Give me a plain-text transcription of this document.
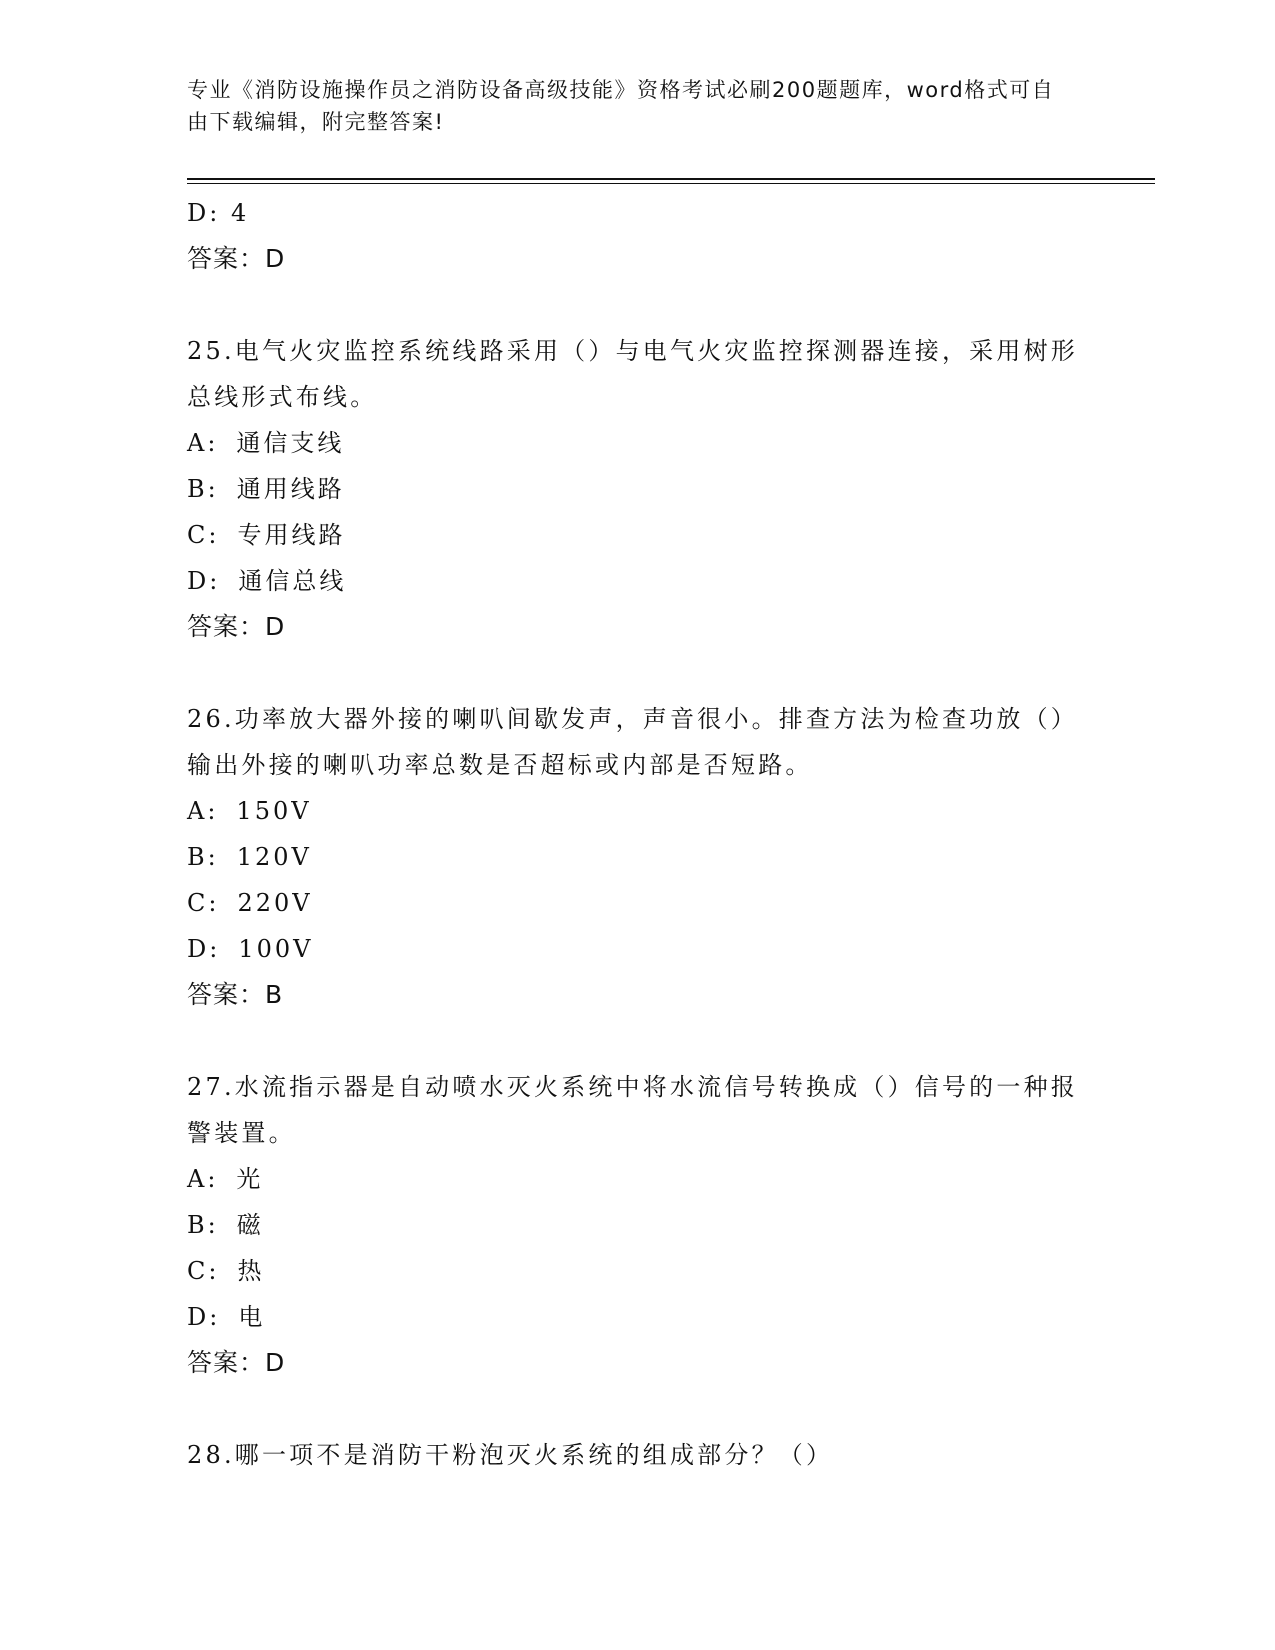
专业《消防设施操作员之消防设备高级技能》资格考试必刷200题题库，word格式可自由下载编辑，附完整答案!
D: 4
答案：D
25.电气火灾监控系统线路采用（）与电气火灾监控探测器连接，采用树形总线形式布线。
A: 通信支线
B: 通用线路
C: 专用线路
D: 通信总线
答案：D
26.功率放大器外接的喇叭间歇发声，声音很小。排查方法为检查功放（）输出外接的喇叭功率总数是否超标或内部是否短路。
A: 150V
B: 120V
C: 220V
D: 100V
答案：B
27.水流指示器是自动喷水灭火系统中将水流信号转换成（）信号的一种报警装置。
A: 光
B: 磁
C: 热
D: 电
答案：D
28.哪一项不是消防干粉泡灭火系统的组成部分？（）
